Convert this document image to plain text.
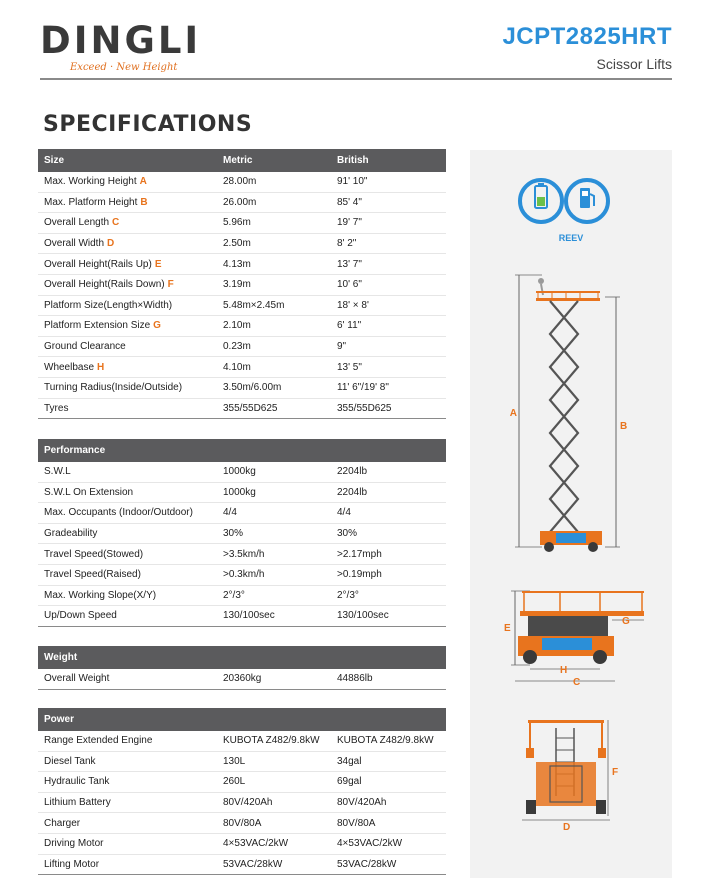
DINGLI
Exceed · New Height
JCPT2825HRT
Scissor Lifts
SPECIFICATIONS
Size	Metric	British
Max. Working Height A	28.00m	91' 10"
Max. Platform Height B	26.00m	85' 4"
Overall Length C	5.96m	19' 7"
Overall Width D	2.50m	8' 2"
Overall Height(Rails Up) E	4.13m	13' 7"
Overall Height(Rails Down) F	3.19m	10' 6"
Platform Size(Length×Width)	5.48m×2.45m	18' × 8'
Platform Extension Size G	2.10m	6' 11"
Ground Clearance	0.23m	9"
Wheelbase H	4.10m	13' 5"
Turning Radius(Inside/Outside)	3.50m/6.00m	11' 6"/19' 8"
Tyres	355/55D625	355/55D625
Performance
S.W.L	1000kg	2204lb
S.W.L On Extension	1000kg	2204lb
Max. Occupants (Indoor/Outdoor)	4/4	4/4
Gradeability	30%	30%
Travel Speed(Stowed)	>3.5km/h	>2.17mph
Travel Speed(Raised)	>0.3km/h	>0.19mph
Max. Working Slope(X/Y)	2°/3°	2°/3°
Up/Down Speed	130/100sec	130/100sec
Weight
Overall Weight	20360kg	44886lb
Power
Range Extended Engine	KUBOTA Z482/9.8kW	KUBOTA Z482/9.8kW
Diesel Tank	130L	34gal
Hydraulic Tank	260L	69gal
Lithium Battery	80V/420Ah	80V/420Ah
Charger	80V/80A	80V/80A
Driving Motor	4×53VAC/2kW	4×53VAC/2kW
Lifting Motor	53VAC/28kW	53VAC/28kW
A
B
E
G
H
C
F
D
REEV
